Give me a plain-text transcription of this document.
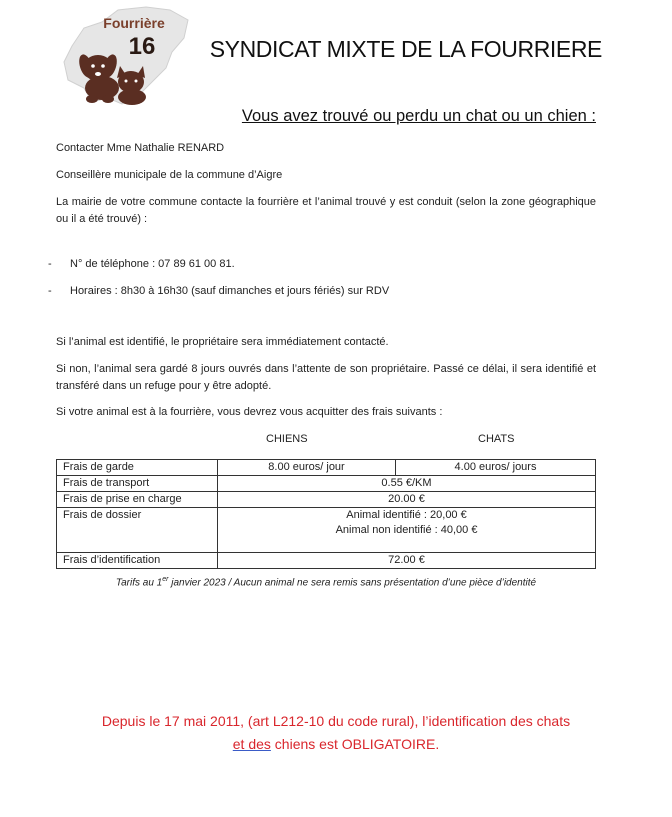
Fourrière
16	SYNDICAT MIXTE DE LA FOURRIERE
Vous avez trouvé ou perdu un chat ou un chien :
Contacter Mme Nathalie RENARD
Conseillère municipale de la commune d’Aigre
La mairie de votre commune contacte la fourrière et l’animal trouvé y est conduit (selon la zone géographique ou il a été trouvé) :
- N° de téléphone : 07 89 61 00 81.
- Horaires : 8h30 à 16h30 (sauf dimanches et jours fériés) sur RDV
Si l’animal est identifié, le propriétaire sera immédiatement contacté.
Si non, l’animal sera gardé 8 jours ouvrés dans l’attente de son propriétaire. Passé ce délai, il sera identifié et transféré dans un refuge pour y être adopté.
Si votre animal est à la fourrière, vous devrez vous acquitter des frais suivants :
CHIENS	CHATS
Frais de garde	8.00 euros/ jour	4.00 euros/ jours
Frais de transport	0.55 €/KM	
Frais de prise en charge	20.00 €	
Frais de dossier	Animal identifié : 20,00 €
Animal non identifié : 40,00 €	

Frais d’identification	72.00 €	
Tarifs au 1er janvier 2023 / Aucun animal ne sera remis sans présentation d’une pièce d’identité
Depuis le 17 mai 2011, (art L212-10 du code rural), l’identification des chats
et des chiens est OBLIGATOIRE.
